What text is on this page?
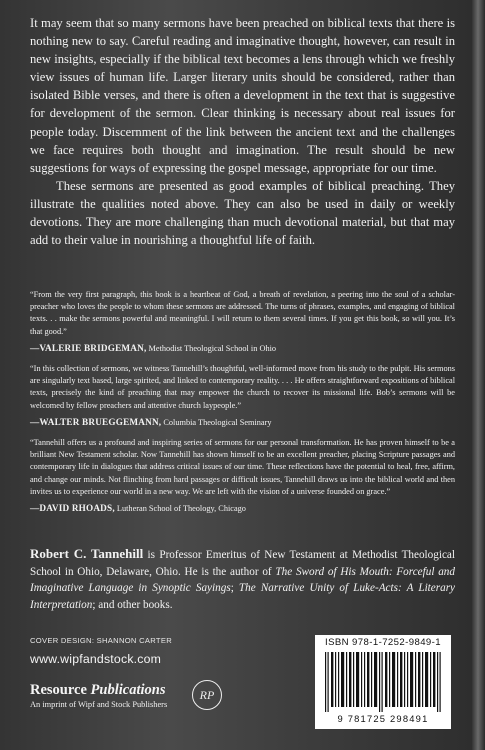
It may seem that so many sermons have been preached on biblical texts that there is nothing new to say. Careful reading and imaginative thought, however, can result in new insights, especially if the biblical text becomes a lens through which we freshly view issues of human life. Larger literary units should be considered, rather than isolated Bible verses, and there is often a development in the text that is suggestive for development of the sermon. Clear thinking is necessary about real issues for people today. Discernment of the link between the ancient text and the challenges we face requires both thought and imagination. The result should be new suggestions for ways of expressing the gospel message, appropriate for our time.

These sermons are presented as good examples of biblical preaching. They illustrate the qualities noted above. They can also be used in daily or weekly devotions. They are more challenging than much devotional material, but that may add to their value in nourishing a thoughtful life of faith.

“From the very first paragraph, this book is a heartbeat of God, a breath of revelation, a peering into the soul of a scholar-preacher who loves the people to whom these sermons are addressed. The turns of phrases, examples, and engaging of biblical texts. . . make the sermons powerful and meaningful. I will return to them several times. If you get this book, so will you. It’s that good.”

—VALERIE BRIDGEMAN, Methodist Theological School in Ohio

“In this collection of sermons, we witness Tannehill’s thoughtful, well-informed move from his study to the pulpit. His sermons are singularly text based, large spirited, and linked to contemporary reality. . . . He offers straightforward expositions of biblical texts, precisely the kind of preaching that may empower the church to recover its missional life. Bob’s sermons will be welcomed by fellow preachers and attentive church laypeople.”

—WALTER BRUEGGEMANN, Columbia Theological Seminary

“Tannehill offers us a profound and inspiring series of sermons for our personal transformation. He has proven himself to be a brilliant New Testament scholar. Now Tannehill has shown himself to be an excellent preacher, placing Scripture passages and contemporary life in dialogues that address critical issues of our time. These reflections have the potential to heal, free, affirm, and change our minds. Not flinching from hard passages or difficult issues, Tannehill draws us into the biblical world and then invites us to experience our world in a new way. We are left with the vision of a universe founded on grace.”

—DAVID RHOADS, Lutheran School of Theology, Chicago
Robert C. Tannehill is Professor Emeritus of New Testament at Methodist Theological School in Ohio, Delaware, Ohio. He is the author of The Sword of His Mouth: Forceful and Imaginative Language in Synoptic Sayings; The Narrative Unity of Luke-Acts: A Literary Interpretation; and other books.
COVER DESIGN: SHANNON CARTER
www.wipfandstock.com
Resource Publications
An imprint of Wipf and Stock Publishers
RP
ISBN 978-1-7252-9849-1
9 781725 298491
